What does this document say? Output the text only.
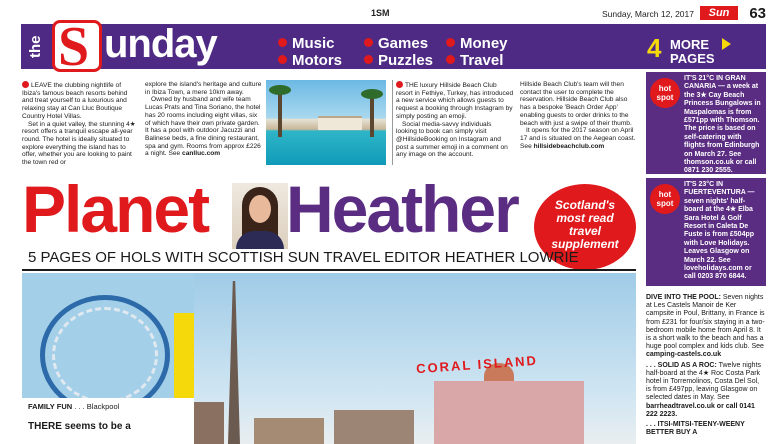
1SM	Sunday, March 12, 2017	Sun	63
the S unday	Music	Games	Money
Motors	Puzzles	Travel	4 MORE
PAGES

LEAVE the clubbing nightlife of Ibiza's famous beach resorts behind and treat yourself to a luxurious and relaxing stay at Can Lluc Boutique Country Hotel Villas.

Set in a quiet valley, the stunning 4★ resort offers a tranquil escape all-year round. The hotel is ideally situated to explore everything the island has to offer, whether you are looking to paint the town red or

explore the island's heritage and culture in Ibiza Town, a mere 10km away.

Owned by husband and wife team Lucas Prats and Tina Soriano, the hotel has 20 rooms including eight villas, six of which have their own private garden. It has a pool with outdoor Jacuzzi and Balinese beds, a fine dining restaurant, spa and gym. Rooms from approx £226 a night. See canlluc.com

THE luxury Hillside Beach Club resort in Fethiye, Turkey, has introduced a new service which allows guests to request a booking through Instagram by simply posting an emoji.

Social media-savvy individuals looking to book can simply visit @HillsideBooking on Instagram and post a summer emoji in a comment on any image on the account.

Hillside Beach Club's team will then contact the user to complete the reservation. Hillside Beach Club also has a bespoke 'Beach Order App' enabling guests to order drinks to the beach with just a swipe of their thumb.

It opens for the 2017 season on April 17 and is situated on the Aegean coast. See hillsidebeachclub.com

hot
spot
IT'S 21°C IN GRAN CANARIA — a week at the 3★ Cay Beach Princess Bungalows in Maspalomas is from £571pp with Thomson. The price is based on self-catering with flights from Edinburgh on March 27. See thomson.co.uk or call 0871 230 2555.
hot
spot
IT'S 23°C IN FUERTEVENTURA — seven nights' half-board at the 4★ Elba Sara Hotel & Golf Resort in Caleta De Fuste is from £504pp with Love Holidays. Leaves Glasgow on March 22. See loveholidays.com or call 0203 870 6844.
Planet Heather	Scotland's
most read
travel
supplement
5 PAGES OF HOLS WITH SCOTTISH SUN TRAVEL EDITOR HEATHER LOWRIE
FAMILY FUN . . . Blackpool
THERE seems to be a
CORAL ISLAND

DIVE INTO THE POOL: Seven nights at Les Castels Manoir de Ker campsite in Poul, Brittany, in France is from £231 for four/six staying in a two-bedroom mobile home from April 8. It is a short walk to the beach and has a huge pool complex and kids club. See camping-castels.co.uk

. . . SOLID AS A ROC: Twelve nights half-board at the 4★ Roc Costa Park hotel in Torremolinos, Costa Del Sol, is from £497pp, leaving Glasgow on selected dates in May. See barrheadtravel.co.uk or call 0141 222 2223.

. . . ITSI-MITSI-TEENY-WEENY BETTER BUY A
